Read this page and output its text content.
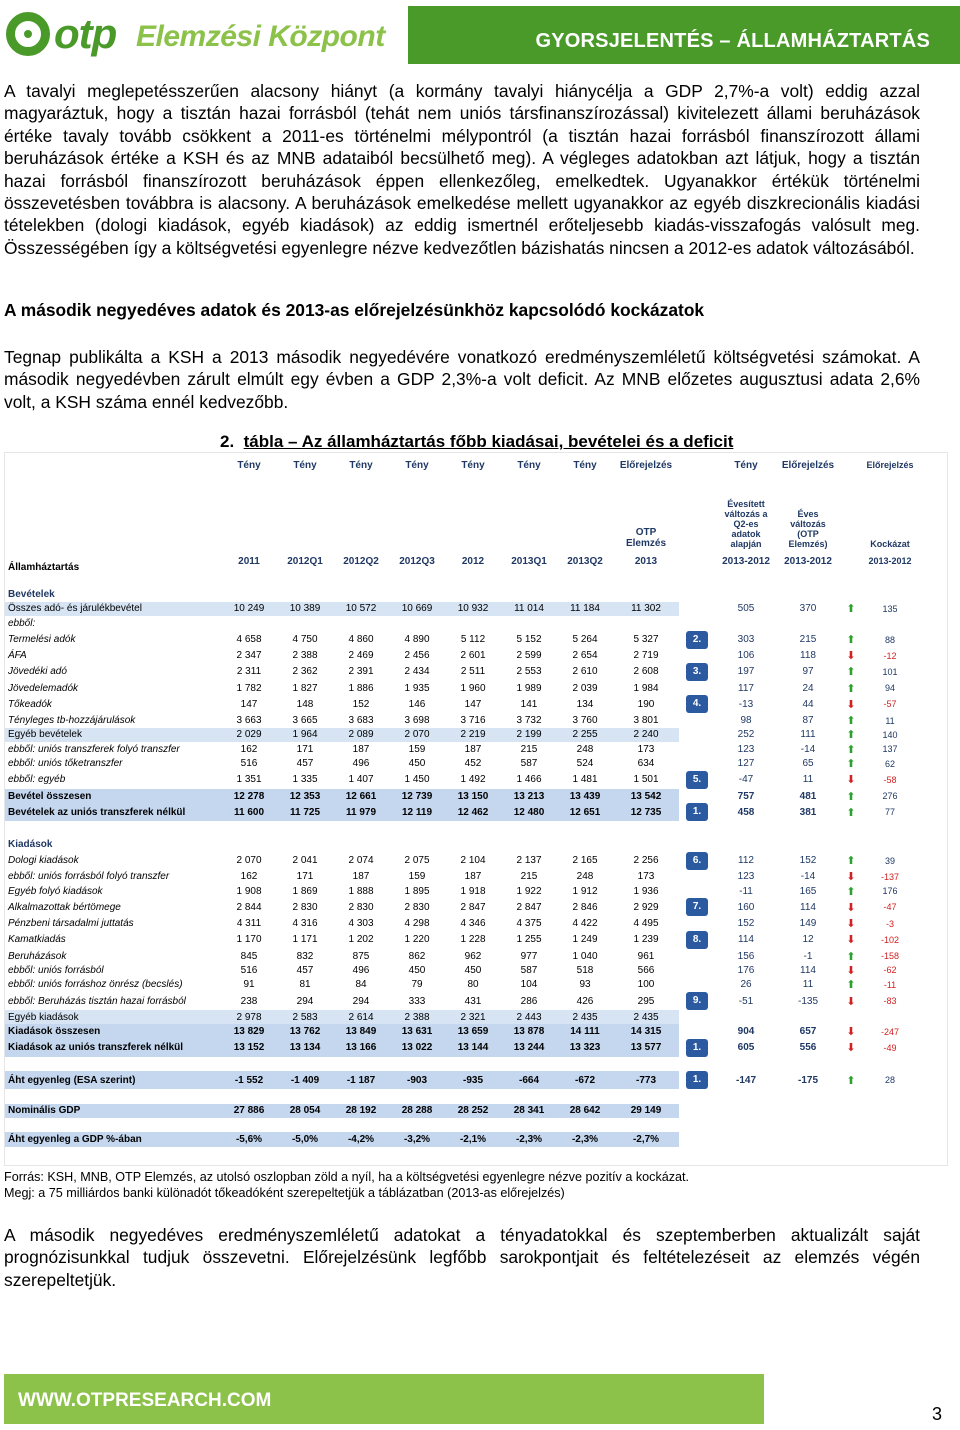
otp Elemzési Központ	GYORSJELENTÉS – ÁLLAMHÁZTARTÁS
A tavalyi meglepetésszerűen alacsony hiányt (a kormány tavalyi hiánycélja a GDP 2,7%-a volt) eddig azzal magyaráztuk, hogy a tisztán hazai forrásból (tehát nem uniós társfinanszírozással) kivitelezett állami beruházások értéke tavaly tovább csökkent a 2011-es történelmi mélypontról (a tisztán hazai forrásból finanszírozott állami beruházások értéke a KSH és az MNB adataiból becsülhető meg). A végleges adatokban azt látjuk, hogy a tisztán hazai forrásból finanszírozott beruházások éppen ellenkezőleg, emelkedtek. Ugyanakkor értékük történelmi összevetésben továbbra is alacsony. A beruházások emelkedése mellett ugyanakkor az egyéb diszkrecionális kiadási tételekben (dologi kiadások, egyéb kiadások) az eddig ismertnél erőteljesebb kiadás-visszafogás valósult meg. Összességében így a költségvetési egyenlegre nézve kedvezőtlen bázishatás nincsen a 2012-es adatok változásából.
A második negyedéves adatok és 2013-as előrejelzésünkhöz kapcsolódó kockázatok
Tegnap publikálta a KSH a 2013 második negyedévére vonatkozó eredményszemléletű költségvetési számokat. A második negyedévben zárult elmúlt egy évben a GDP 2,3%-a volt deficit. Az MNB előzetes augusztusi adata 2,6% volt, a KSH száma ennél kedvezőbb.
2. tábla – Az államháztartás főbb kiadásai, bevételei és a deficit
	Tény	Tény	Tény	Tény	Tény	Tény	Tény	Előrejelzés		Tény	Előrejelzés		Előrejelzés
								OTP Elemzés		Évesített változás a Q2-es adatok alapján	Éves változás (OTP Elemzés)		Kockázat
Államháztartás	2011	2012Q1	2012Q2	2012Q3	2012	2013Q1	2013Q2	2013		2013-2012	2013-2012		2013-2012

Bevételek													
Összes adó- és járulékbevétel	10 249	10 389	10 572	10 669	10 932	11 014	11 184	11 302		505	370	⬆	135
ebből:													
Termelési adók	4 658	4 750	4 860	4 890	5 112	5 152	5 264	5 327	2.	303	215	⬆	88
ÁFA	2 347	2 388	2 469	2 456	2 601	2 599	2 654	2 719		106	118	⬇	-12
Jövedéki adó	2 311	2 362	2 391	2 434	2 511	2 553	2 610	2 608	3.	197	97	⬆	101
Jövedelemadók	1 782	1 827	1 886	1 935	1 960	1 989	2 039	1 984		117	24	⬆	94
Tőkeadók	147	148	152	146	147	141	134	190	4.	-13	44	⬇	-57
Tényleges tb-hozzájárulások	3 663	3 665	3 683	3 698	3 716	3 732	3 760	3 801		98	87	⬆	11
Egyéb bevételek	2 029	1 964	2 089	2 070	2 219	2 199	2 255	2 240		252	111	⬆	140
ebből: uniós transzferek folyó transzfer	162	171	187	159	187	215	248	173		123	-14	⬆	137
ebből: uniós tőketranszfer	516	457	496	450	452	587	524	634		127	65	⬆	62
ebből: egyéb	1 351	1 335	1 407	1 450	1 492	1 466	1 481	1 501	5.	-47	11	⬇	-58
Bevétel összesen	12 278	12 353	12 661	12 739	13 150	13 213	13 439	13 542		757	481	⬆	276
Bevételek az uniós transzferek nélkül	11 600	11 725	11 979	12 119	12 462	12 480	12 651	12 735	1.	458	381	⬆	77

Kiadások													
Dologi kiadások	2 070	2 041	2 074	2 075	2 104	2 137	2 165	2 256	6.	112	152	⬆	39
ebből: uniós forrásból folyó transzfer	162	171	187	159	187	215	248	173		123	-14	⬇	-137
Egyéb folyó kiadások	1 908	1 869	1 888	1 895	1 918	1 922	1 912	1 936		-11	165	⬆	176
Alkalmazottak bértömege	2 844	2 830	2 830	2 830	2 847	2 847	2 846	2 929	7.	160	114	⬇	-47
Pénzbeni társadalmi juttatás	4 311	4 316	4 303	4 298	4 346	4 375	4 422	4 495		152	149	⬇	-3
Kamatkiadás	1 170	1 171	1 202	1 220	1 228	1 255	1 249	1 239	8.	114	12	⬇	-102
Beruházások	845	832	875	862	962	977	1 040	961		156	-1	⬆	-158
ebből: uniós forrásból	516	457	496	450	450	587	518	566		176	114	⬇	-62
ebből: uniós forráshoz önrész (becslés)	91	81	84	79	80	104	93	100		26	11	⬆	-11
ebből: Beruházás tisztán hazai forrásból	238	294	294	333	431	286	426	295	9.	-51	-135	⬇	-83
Egyéb kiadások	2 978	2 583	2 614	2 388	2 321	2 443	2 435	2 435					
Kiadások összesen	13 829	13 762	13 849	13 631	13 659	13 878	14 111	14 315		904	657	⬇	-247
Kiadások az uniós transzferek nélkül	13 152	13 134	13 166	13 022	13 144	13 244	13 323	13 577	1.	605	556	⬇	-49

Áht egyenleg (ESA szerint)	-1 552	-1 409	-1 187	-903	-935	-664	-672	-773	1.	-147	-175	⬆	28

Nominális GDP	27 886	28 054	28 192	28 288	28 252	28 341	28 642	29 149					

Áht egyenleg a GDP %-ában	-5,6%	-5,0%	-4,2%	-3,2%	-2,1%	-2,3%	-2,3%	-2,7%					
Forrás: KSH, MNB, OTP Elemzés, az utolsó oszlopban zöld a nyíl, ha a költségvetési egyenlegre nézve pozitív a kockázat.
Megj: a 75 milliárdos banki különadót tőkeadóként szerepeltetjük a táblázatban (2013-as előrejelzés)
A második negyedéves eredményszemléletű adatokat a tényadatokkal és szeptemberben aktualizált saját prognózisunkkal tudjuk összevetni. Előrejelzésünk legfőbb sarokpontjait és feltételezéseit az elemzés végén szerepeltetjük.
WWW.OTPRESEARCH.COM
3
